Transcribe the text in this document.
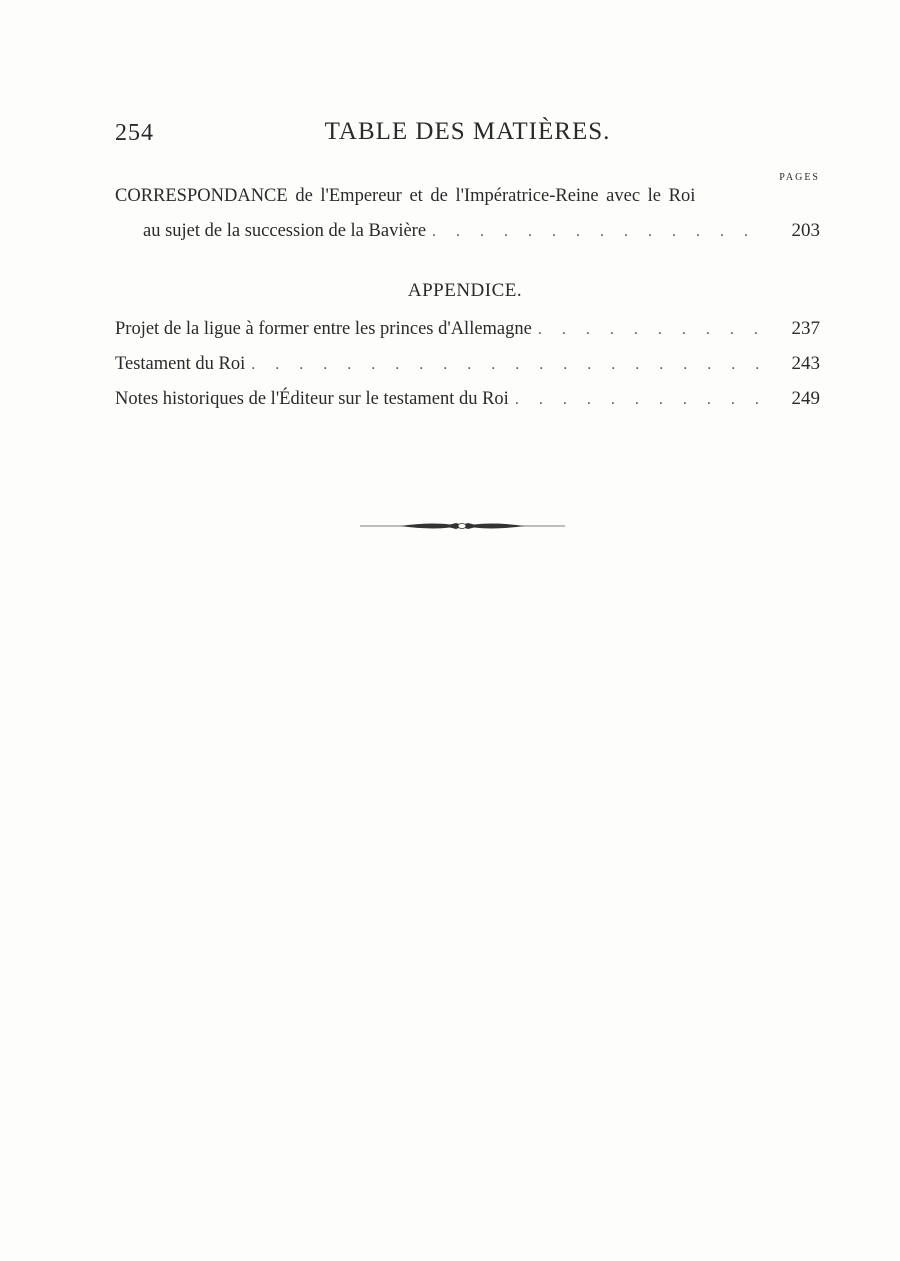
254	TABLE DES MATIÈRES.
PAGES
CORRESPONDANCE de l'Empereur et de l'Impératrice-Reine avec le Roi
au sujet de la succession de la Bavière . . .	203
APPENDICE.
Projet de la ligue à former entre les princes d'Allemagne . . .	237
Testament du Roi . . .	243
Notes historiques de l'Éditeur sur le testament du Roi . . .	249
